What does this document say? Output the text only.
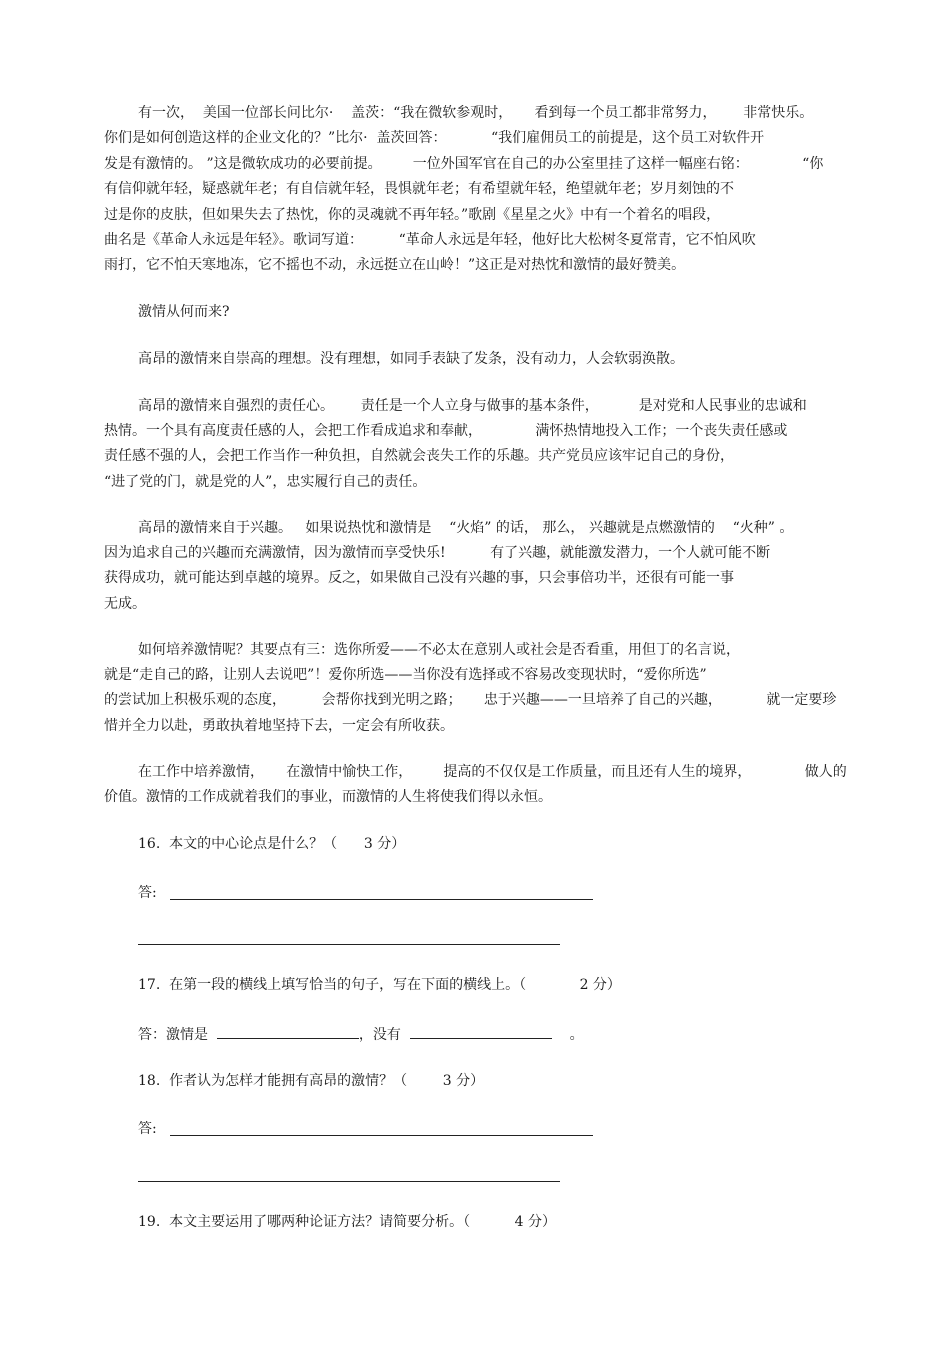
有一次，  美国一位部长问比尔·    盖茨：“我在微软参观时，     看到每一个员工都非常努力，      非常快乐。
你们是如何创造这样的企业文化的？”比尔·  盖茨回答：          “我们雇佣员工的前提是，这个员工对软件开
发是有激情的。 ”这是微软成功的必要前提。       一位外国军官在自己的办公室里挂了这样一幅座右铭：            “你
有信仰就年轻，疑惑就年老；有自信就年轻，畏惧就年老；有希望就年轻，绝望就年老；岁月刻蚀的不
过是你的皮肤，但如果失去了热忱，你的灵魂就不再年轻。”歌剧《星星之火》中有一个着名的唱段，
曲名是《革命人永远是年轻》。歌词写道：        “革命人永远是年轻，他好比大松树冬夏常青，它不怕风吹
雨打，它不怕天寒地冻，它不摇也不动，永远挺立在山岭！”这正是对热忱和激情的最好赞美。
激情从何而来?
高昂的激情来自崇高的理想。没有理想，如同手表缺了发条，没有动力，人会软弱涣散。
高昂的激情来自强烈的责任心。      责任是一个人立身与做事的基本条件，         是对党和人民事业的忠诚和
热情。一个具有高度责任感的人，会把工作看成追求和奉献，            满怀热情地投入工作；一个丧失责任感或
责任感不强的人，会把工作当作一种负担，自然就会丧失工作的乐趣。共产党员应该牢记自己的身份，
“进了党的门，就是党的人”，忠实履行自己的责任。
高昂的激情来自于兴趣。   如果说热忱和激情是    “火焰” 的话， 那么， 兴趣就是点燃激情的    “火种” 。
因为追求自己的兴趣而充满激情，因为激情而享受快乐!          有了兴趣，就能激发潜力，一个人就可能不断
获得成功，就可能达到卓越的境界。反之，如果做自己没有兴趣的事，只会事倍功半，还很有可能一事
无成。
如何培养激情呢？其要点有三：选你所爱——不必太在意别人或社会是否看重，用但丁的名言说，
就是“走自己的路，让别人去说吧”！爱你所选——当你没有选择或不容易改变现状时，“爱你所选”
的尝试加上积极乐观的态度，        会帮你找到光明之路；     忠于兴趣——一旦培养了自己的兴趣，          就一定要珍
惜并全力以赴，勇敢执着地坚持下去，一定会有所收获。
在工作中培养激情，     在激情中愉快工作，       提高的不仅仅是工作质量，而且还有人生的境界，            做人的
价值。激情的工作成就着我们的事业，而激情的人生将使我们得以永恒。
16.  本文的中心论点是什么？（      3 分）
答:
17.  在第一段的横线上填写恰当的句子，写在下面的横线上。（            2 分）
答：激情是	，没有	。
18.  作者认为怎样才能拥有高昂的激情？（        3 分）
答:
19.  本文主要运用了哪两种论证方法？请简要分析。（          4 分）
